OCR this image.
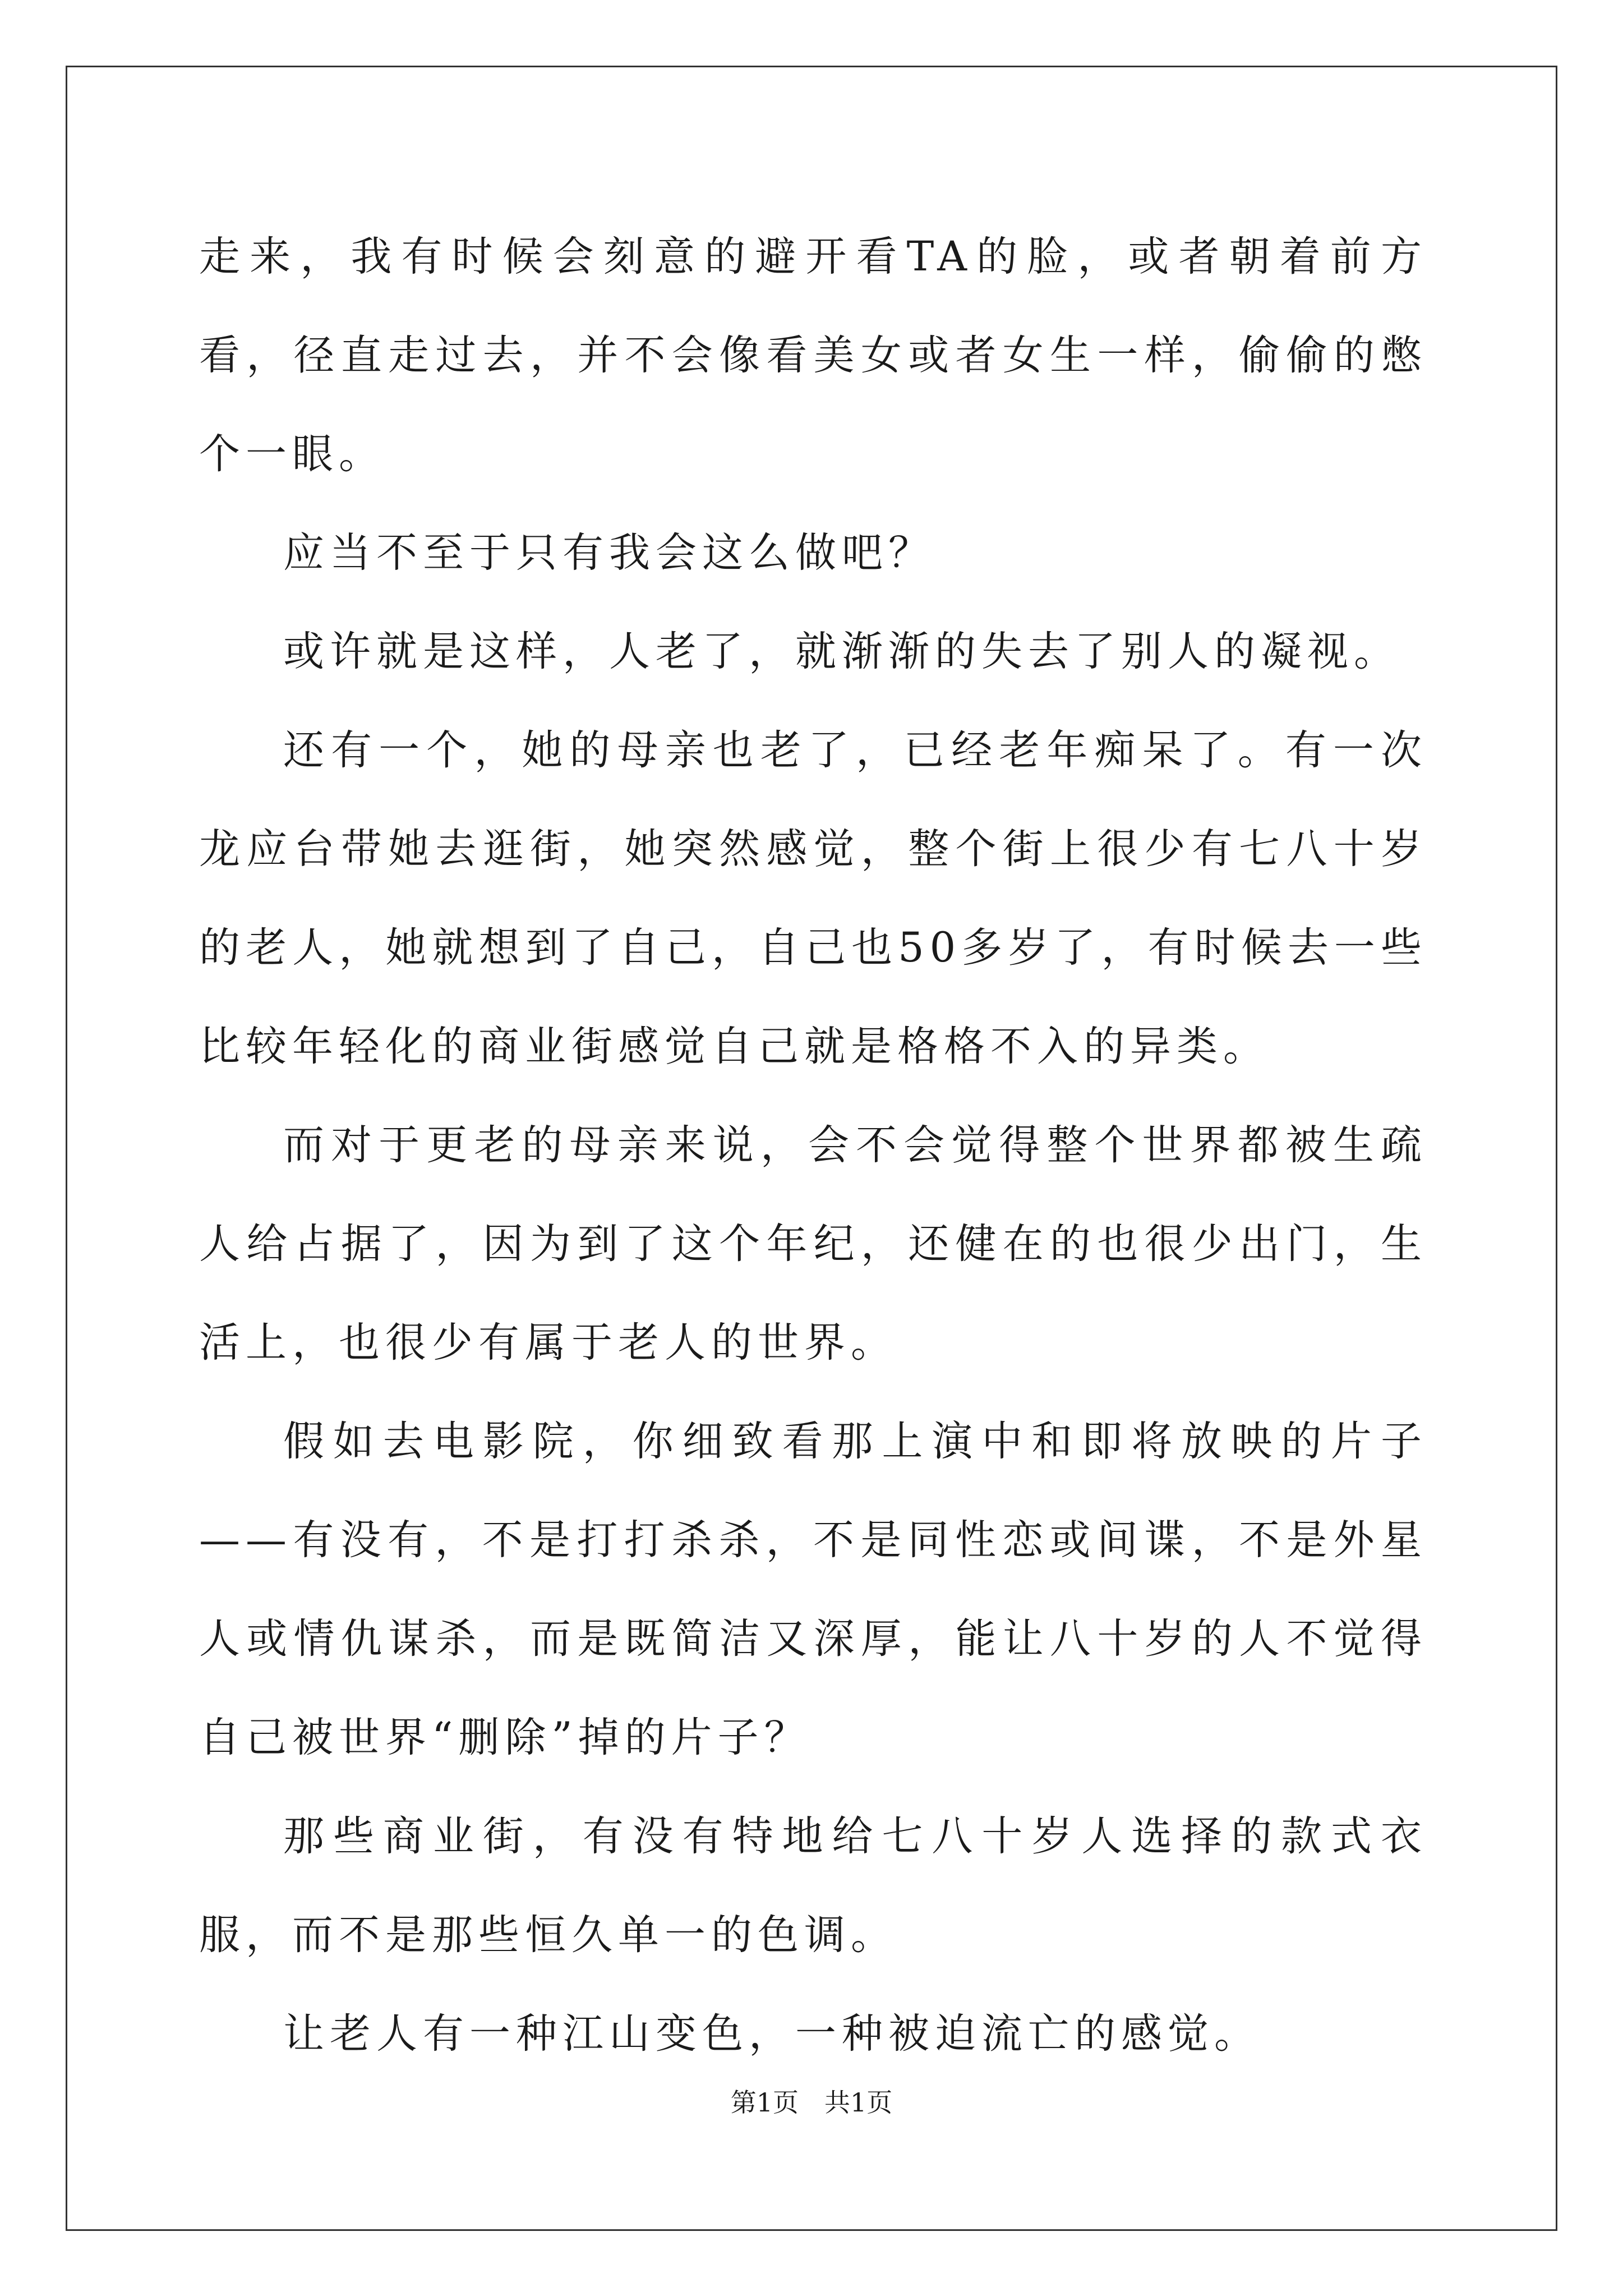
走来，我有时候会刻意的避开看TA的脸，或者朝着前方看，径直走过去，并不会像看美女或者女生一样，偷偷的憋个一眼。

应当不至于只有我会这么做吧？

或许就是这样，人老了，就渐渐的失去了别人的凝视。

还有一个，她的母亲也老了，已经老年痴呆了。有一次龙应台带她去逛街，她突然感觉，整个街上很少有七八十岁的老人，她就想到了自己，自己也50多岁了，有时候去一些比较年轻化的商业街感觉自己就是格格不入的异类。

而对于更老的母亲来说，会不会觉得整个世界都被生疏人给占据了，因为到了这个年纪，还健在的也很少出门，生活上，也很少有属于老人的世界。

假如去电影院，你细致看那上演中和即将放映的片子——有没有，不是打打杀杀，不是同性恋或间谍，不是外星人或情仇谋杀，而是既简洁又深厚，能让八十岁的人不觉得自己被世界“删除”掉的片子？

那些商业街，有没有特地给七八十岁人选择的款式衣服，而不是那些恒久单一的色调。

让老人有一种江山变色，一种被迫流亡的感觉。

第1页　共1页
